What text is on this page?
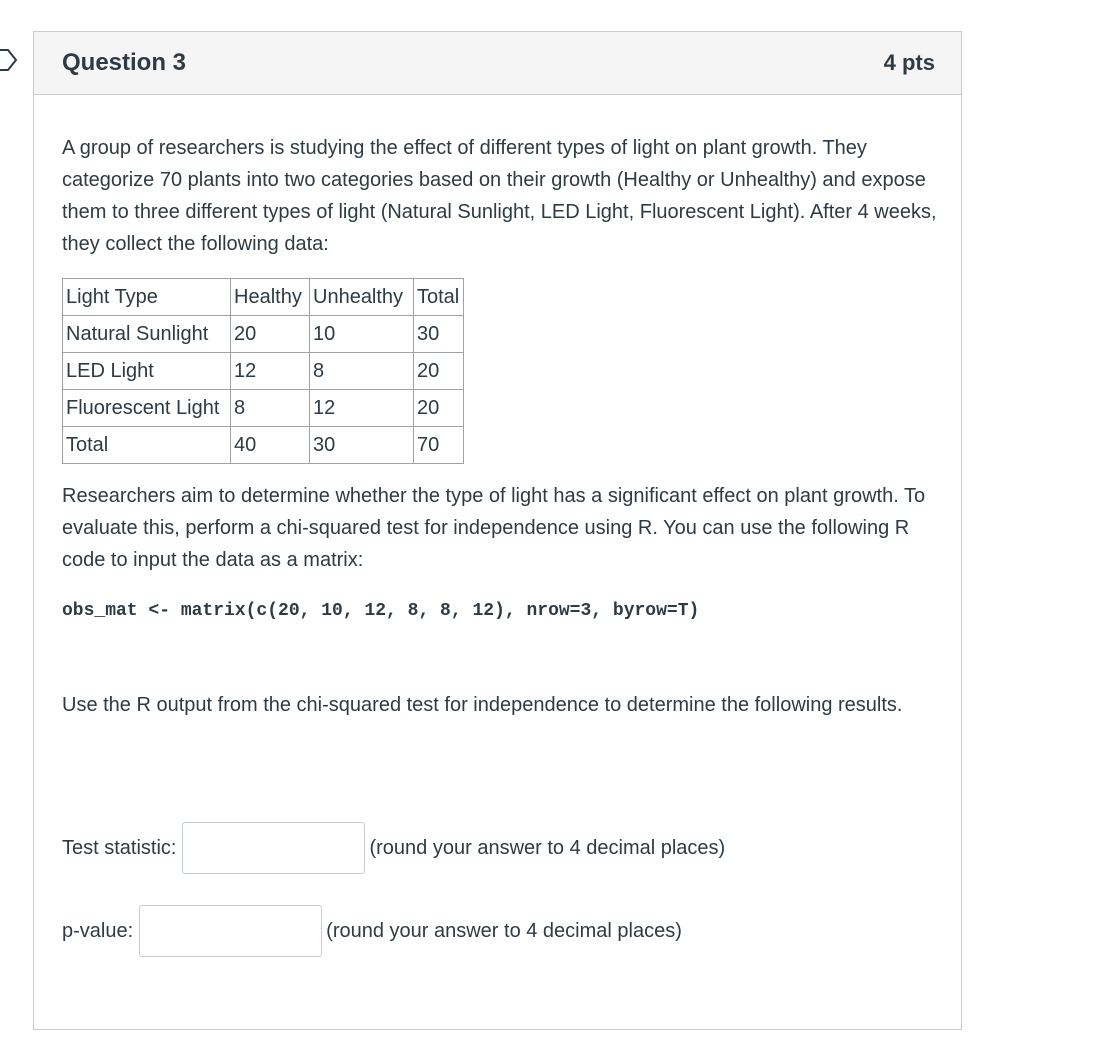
Question 3	4 pts

A group of researchers is studying the effect of different types of light on plant growth. They categorize 70 plants into two categories based on their growth (Healthy or Unhealthy) and expose them to three different types of light (Natural Sunlight, LED Light, Fluorescent Light). After 4 weeks, they collect the following data:

Light Type	Healthy	Unhealthy	Total
Natural Sunlight	20	10	30
LED Light	12	8	20
Fluorescent Light	8	12	20
Total	40	30	70

Researchers aim to determine whether the type of light has a significant effect on plant growth. To evaluate this, perform a chi-squared test for independence using R. You can use the following R code to input the data as a matrix:

obs_mat <- matrix(c(20, 10, 12, 8, 8, 12), nrow=3, byrow=T)

Use the R output from the chi-squared test for independence to determine the following results.

Test statistic:	(round your answer to 4 decimal places)
p-value:	(round your answer to 4 decimal places)
